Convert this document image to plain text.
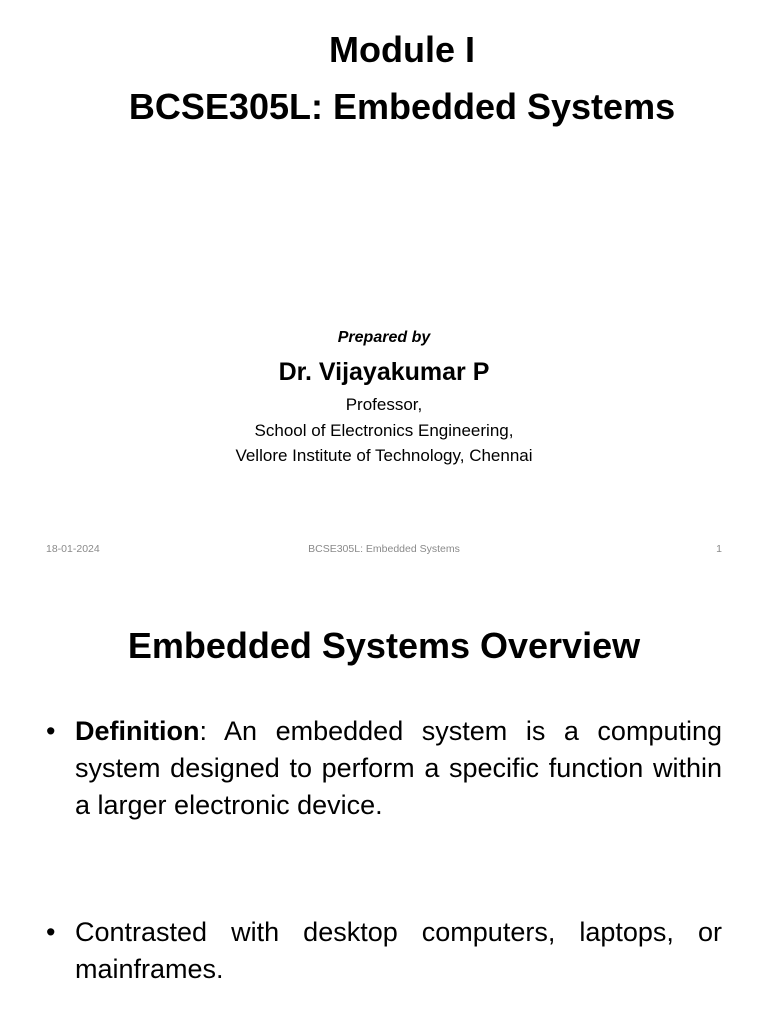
Module I
BCSE305L: Embedded Systems
Prepared by
Dr. Vijayakumar P
Professor,
School of Electronics Engineering,
Vellore Institute of Technology, Chennai
18-01-2024	BCSE305L: Embedded Systems	1
Embedded Systems Overview
• Definition: An embedded system is a computing system designed to perform a specific function within a larger electronic device.
• Contrasted with desktop computers, laptops, or mainframes.
